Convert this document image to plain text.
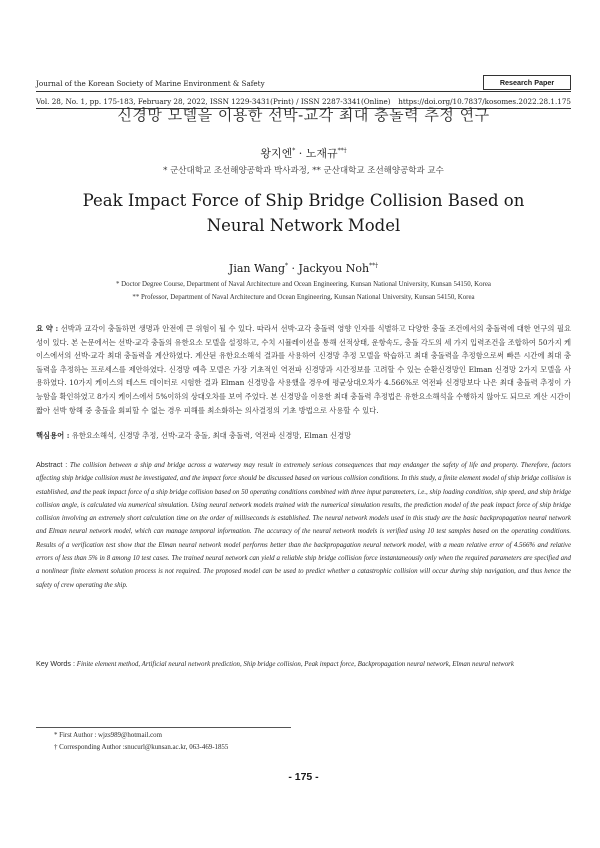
Journal of the Korean Society of Marine Environment & Safety	Research Paper
Vol. 28, No. 1, pp. 175-183, February 28, 2022, ISSN 1229-3431(Print) / ISSN 2287-3341(Online) https://doi.org/10.7837/kosomes.2022.28.1.175
신경망 모델을 이용한 선박-교각 최대 충돌력 추정 연구
왕지엔* · 노재규**†
* 군산대학교 조선해양공학과 박사과정, ** 군산대학교 조선해양공학과 교수
Peak Impact Force of Ship Bridge Collision Based on
Neural Network Model
Jian Wang* · Jackyou Noh**†
* Doctor Degree Course, Department of Naval Architecture and Ocean Engineering, Kunsan National University, Kunsan 54150, Korea
** Professor, Department of Naval Architecture and Ocean Engineering, Kunsan National University, Kunsan 54150, Korea
요 약 : 선박과 교각이 충돌하면 생명과 안전에 큰 위험이 될 수 있다. 따라서 선박-교각 충돌력 영향 인자를 식별하고 다양한 충돌 조건에서의 충돌력에 대한 연구의 필요성이 있다. 본 논문에서는 선박-교각 충돌의 유한요소 모델을 설정하고, 수치 시뮬레이션을 통해 선적상태, 운항속도, 충돌 각도의 세 가지 입력조건을 조합하여 50가지 케이스에서의 선박-교각 최대 충돌력을 계산하였다. 계산된 유한요소해석 결과를 사용하여 신경망 추정 모델을 학습하고 최대 충돌력을 추정함으로써 빠른 시간에 최대 충돌력을 추정하는 프로세스를 제안하였다. 신경망 예측 모델은 가장 기초적인 역전파 신경망과 시간정보를 고려할 수 있는 순환신경망인 Elman 신경망 2가지 모델을 사용하였다. 10가지 케이스의 테스트 데이터로 시험한 결과 Elman 신경망을 사용했을 경우에 평균상대오차가 4.566%로 역전파 신경망보다 나은 최대 충돌력 추정이 가능함을 확인하였고 8가지 케이스에서 5%이하의 상대오차를 보여 주었다. 본 신경망을 이용한 최대 충돌력 추정법은 유한요소해석을 수행하지 않아도 되므로 계산 시간이 짧아 선박 항해 중 충돌을 회피할 수 없는 경우 피해를 최소화하는 의사결정의 기초 방법으로 사용할 수 있다.
핵심용어 : 유한요소해석, 신경망 추정, 선박-교각 충돌, 최대 충돌력, 역전파 신경망, Elman 신경망
Abstract : The collision between a ship and bridge across a waterway may result in extremely serious consequences that may endanger the safety of life and property. Therefore, factors affecting ship bridge collision must be investigated, and the impact force should be discussed based on various collision conditions. In this study, a finite element model of ship bridge collision is established, and the peak impact force of a ship bridge collision based on 50 operating conditions combined with three input parameters, i.e., ship loading condition, ship speed, and ship bridge collision angle, is calculated via numerical simulation. Using neural network models trained with the numerical simulation results, the prediction model of the peak impact force of ship bridge collision involving an extremely short calculation time on the order of milliseconds is established. The neural network models used in this study are the basic backpropagation neural network and Elman neural network model, which can manage temporal information. The accuracy of the neural network models is verified using 10 test samples based on the operating conditions. Results of a verification test show that the Elman neural network model performs better than the backpropagation neural network model, with a mean relative error of 4.566% and relative errors of less than 5% in 8 among 10 test cases. The trained neural network can yield a reliable ship bridge collision force instantaneously only when the required parameters are specified and a nonlinear finite element solution process is not required. The proposed model can be used to predict whether a catastrophic collision will occur during ship navigation, and thus hence the safety of crew operating the ship.
Key Words : Finite element method, Artificial neural network prediction, Ship bridge collision, Peak impact force, Backpropagation neural network, Elman neural network
* First Author : wjzs989@hotmail.com
† Corresponding Author :snucurl@kunsan.ac.kr, 063-469-1855
- 175 -
